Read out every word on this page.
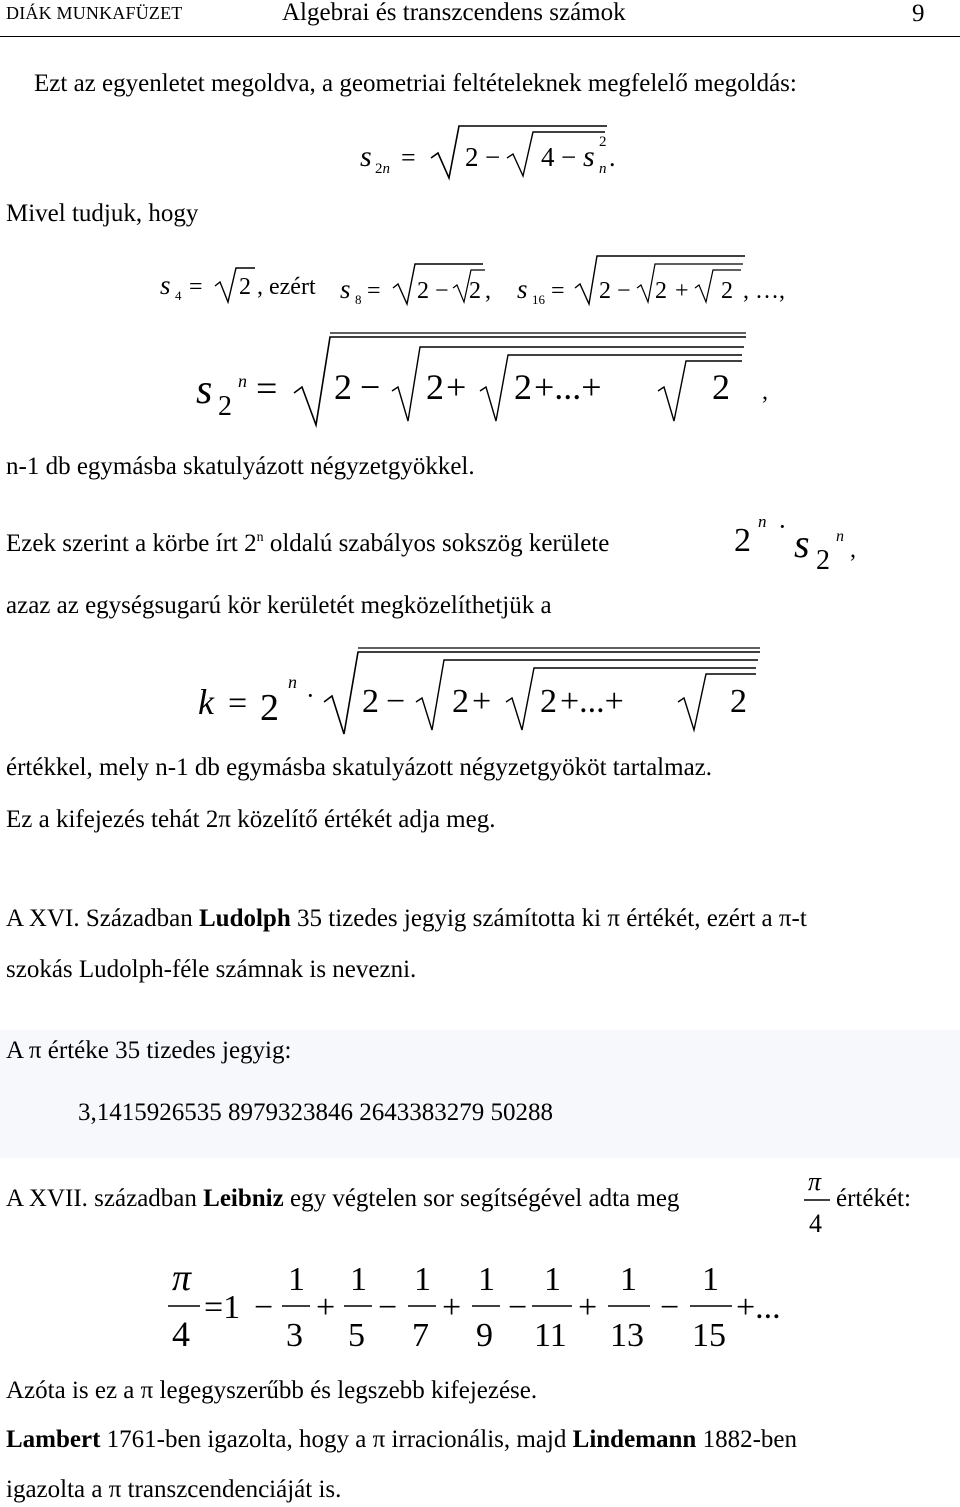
DIÁK MUNKAFÜZET	Algebrai és transzcendens számok	9
Ezt az egyenletet megoldva, a geometriai feltételeknek megfelelő megoldás:
s 2n = 2 − 4 − s 2
n .
Mivel tudjuk, hogy
s 4 = 2 , ezért s 8 = 2 − 2 , s 16 = 2 − 2 + 2 , …,
s 2
n = 2 − 2 + 2 +...+	2 ,
n-1 db egymásba skatulyázott négyzetgyökkel.
Ezek szerint a körbe írt 2$^n$ oldalú szabályos sokszög kerülete	2
n · s 2
n
,
azaz az egységsugarú kör kerületét megközelíthetjük a
k = 2
n · 2 − 2 + 2 +...+	2
értékkel, mely n-1 db egymásba skatulyázott négyzetgyököt tartalmaz.
Ez a kifejezés tehát 2π közelítő értékét adja meg.
A XVI. Században Ludolph 35 tizedes jegyig számította ki π értékét, ezért a π-t
szokás Ludolph-féle számnak is nevezni.
A π értéke 35 tizedes jegyig:
3,1415926535 8979323846 2643383279 50288
A XVII. században Leibniz egy végtelen sor segítségével adta meg
π
4
értékét:
π
4
=1 −
1
3
+
1
5
−
1
7
+
1
9
−
1
11
+
1
13
−
1
15
+...
Azóta is ez a π legegyszerűbb és legszebb kifejezése.
Lambert 1761-ben igazolta, hogy a π irracionális, majd Lindemann 1882-ben
igazolta a π transzcendenciáját is.
